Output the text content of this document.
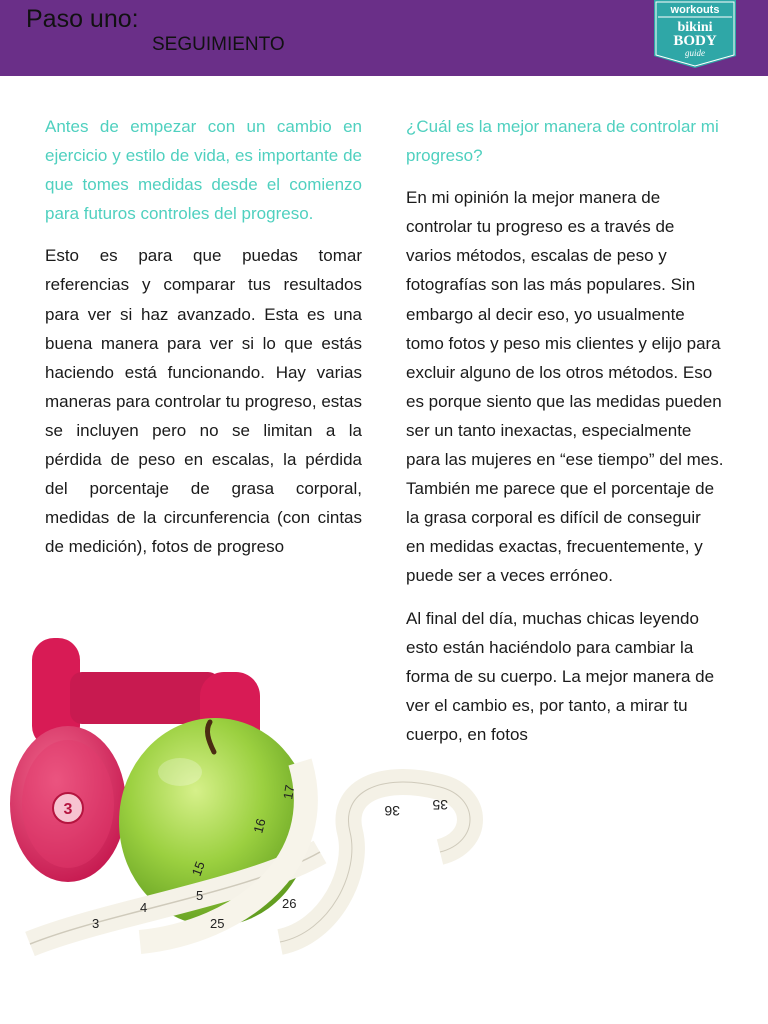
Paso uno:
SEGUIMIENTO
workouts
bikini
BODY
guide

Antes de empezar con un cambio en ejercicio y estilo de vida, es importante de que tomes medidas desde el comienzo para futuros controles del progreso.

Esto es para que puedas tomar referencias y comparar tus resultados para ver si haz avanzado. Esta es una buena manera para ver si lo que estás haciendo está funcionando. Hay varias maneras para controlar tu progreso, estas se incluyen pero no se limitan a la pérdida de peso en escalas, la pérdida del porcentaje de grasa corporal, medidas de la circunferencia (con cintas de medición), fotos de progreso

¿Cuál es la mejor manera de controlar mi progreso?

En mi opinión la mejor manera de controlar tu progreso es a través de varios métodos, escalas de peso y fotografías son las más populares. Sin embargo al decir eso, yo usualmente tomo fotos y peso mis clientes y elijo para excluir alguno de los otros métodos. Eso es porque siento que las medidas pueden ser un tanto inexactas, especialmente para las mujeres en “ese tiempo” del mes. También me parece que el porcentaje de la grasa corporal es difícil de conseguir en medidas exactas, frecuentemente, y puede ser a veces erróneo.

Al final del día, muchas chicas leyendo esto están haciéndolo para cambiar la forma de su cuerpo. La mejor manera de ver el cambio es, por tanto, a mirar tu cuerpo, en fotos

3
3
4
5
15
16
17
25
26
35
36
